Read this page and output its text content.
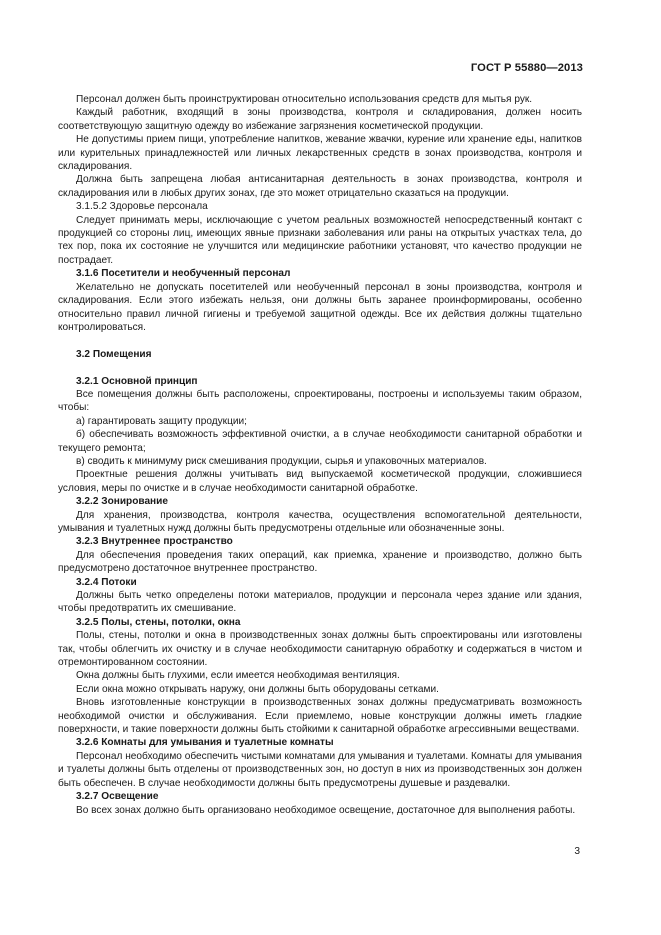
ГОСТ Р 55880—2013

Персонал должен быть проинструктирован относительно использования средств для мытья рук.

Каждый работник, входящий в зоны производства, контроля и складирования, должен носить соответствующую защитную одежду во избежание загрязнения косметической продукции.

Не допустимы прием пищи, употребление напитков, жевание жвачки, курение или хранение еды, напитков или курительных принадлежностей или личных лекарственных средств в зонах производства, контроля и складирования.

Должна быть запрещена любая антисанитарная деятельность в зонах производства, контроля и складирования или в любых других зонах, где это может отрицательно сказаться на продукции.

3.1.5.2 Здоровье персонала

Следует принимать меры, исключающие с учетом реальных возможностей непосредственный контакт с продукцией со стороны лиц, имеющих явные признаки заболевания или раны на открытых участках тела, до тех пор, пока их состояние не улучшится или медицинские работники установят, что качество продукции не пострадает.

3.1.6 Посетители и необученный персонал

Желательно не допускать посетителей или необученный персонал в зоны производства, контроля и складирования. Если этого избежать нельзя, они должны быть заранее проинформированы, особенно относительно правил личной гигиены и требуемой защитной одежды. Все их действия должны тщательно контролироваться.

3.2 Помещения

3.2.1 Основной принцип

Все помещения должны быть расположены, спроектированы, построены и используемы таким образом, чтобы:

а) гарантировать защиту продукции;

б) обеспечивать возможность эффективной очистки, а в случае необходимости санитарной обработки и текущего ремонта;

в) сводить к минимуму риск смешивания продукции, сырья и упаковочных материалов.

Проектные решения должны учитывать вид выпускаемой косметической продукции, сложившиеся условия, меры по очистке и в случае необходимости санитарной обработке.

3.2.2 Зонирование

Для хранения, производства, контроля качества, осуществления вспомогательной деятельности, умывания и туалетных нужд должны быть предусмотрены отдельные или обозначенные зоны.

3.2.3 Внутреннее пространство

Для обеспечения проведения таких операций, как приемка, хранение и производство, должно быть предусмотрено достаточное внутреннее пространство.

3.2.4 Потоки

Должны быть четко определены потоки материалов, продукции и персонала через здание или здания, чтобы предотвратить их смешивание.

3.2.5 Полы, стены, потолки, окна

Полы, стены, потолки и окна в производственных зонах должны быть спроектированы или изготовлены так, чтобы облегчить их очистку и в случае необходимости санитарную обработку и содержаться в чистом и отремонтированном состоянии.

Окна должны быть глухими, если имеется необходимая вентиляция.

Если окна можно открывать наружу, они должны быть оборудованы сетками.

Вновь изготовленные конструкции в производственных зонах должны предусматривать возможность необходимой очистки и обслуживания. Если приемлемо, новые конструкции должны иметь гладкие поверхности, и такие поверхности должны быть стойкими к санитарной обработке агрессивными веществами.

3.2.6 Комнаты для умывания и туалетные комнаты

Персонал необходимо обеспечить чистыми комнатами для умывания и туалетами. Комнаты для умывания и туалеты должны быть отделены от производственных зон, но доступ в них из производственных зон должен быть обеспечен. В случае необходимости должны быть предусмотрены душевые и раздевалки.

3.2.7 Освещение

Во всех зонах должно быть организовано необходимое освещение, достаточное для выполнения работы.

3
